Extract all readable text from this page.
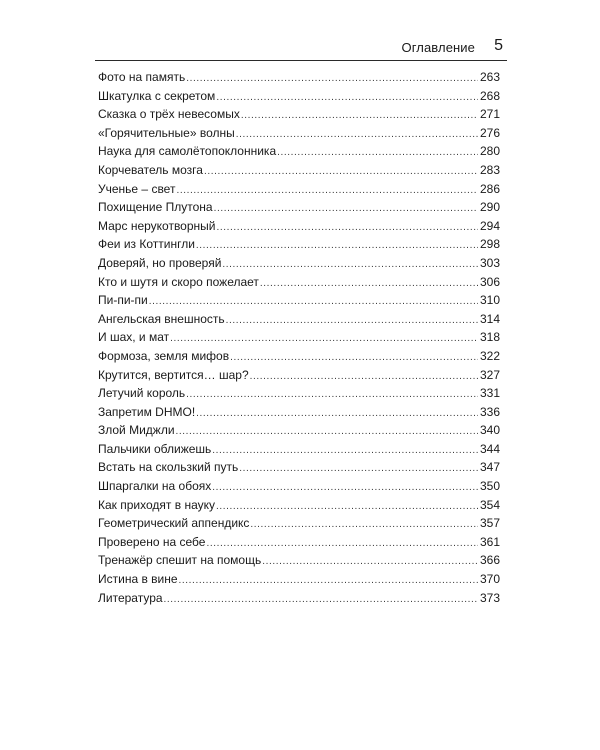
Оглавление 5
Фото на память .....	263
Шкатулка с секретом .....	268
Сказка о трёх невесомых .....	271
«Горячительные» волны .....	276
Наука для самолётопоклонника .....	280
Корчеватель мозга .....	283
Ученье – свет .....	286
Похищение Плутона .....	290
Марс нерукотворный .....	294
Феи из Коттингли .....	298
Доверяй, но проверяй .....	303
Кто и шутя и скоро пожелает .....	306
Пи-пи-пи .....	310
Ангельская внешность .....	314
И шах, и мат .....	318
Формоза, земля мифов .....	322
Крутится, вертится… шар? .....	327
Летучий король .....	331
Запретим DHMO! .....	336
Злой Миджли .....	340
Пальчики оближешь .....	344
Встать на скользкий путь .....	347
Шпаргалки на обоях .....	350
Как приходят в науку .....	354
Геометрический аппендикс .....	357
Проверено на себе .....	361
Тренажёр спешит на помощь .....	366
Истина в вине .....	370
Литература .....	373
